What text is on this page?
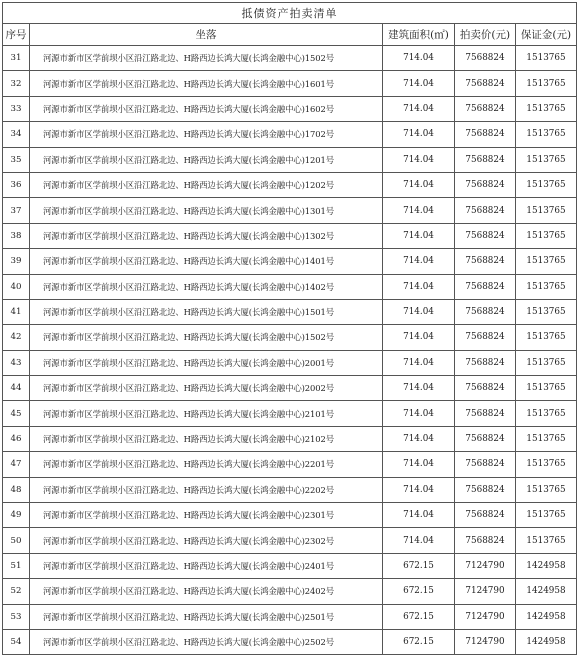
抵债资产拍卖清单				
序号	坐落	建筑面积(㎡)	拍卖价(元)	保证金(元)
31	河源市新市区学前坝小区沿江路北边、H路西边长鸿大厦(长鸿金融中心)1502号	714.04	7568824	1513765
32	河源市新市区学前坝小区沿江路北边、H路西边长鸿大厦(长鸿金融中心)1601号	714.04	7568824	1513765
33	河源市新市区学前坝小区沿江路北边、H路西边长鸿大厦(长鸿金融中心)1602号	714.04	7568824	1513765
34	河源市新市区学前坝小区沿江路北边、H路西边长鸿大厦(长鸿金融中心)1702号	714.04	7568824	1513765
35	河源市新市区学前坝小区沿江路北边、H路西边长鸿大厦(长鸿金融中心)1201号	714.04	7568824	1513765
36	河源市新市区学前坝小区沿江路北边、H路西边长鸿大厦(长鸿金融中心)1202号	714.04	7568824	1513765
37	河源市新市区学前坝小区沿江路北边、H路西边长鸿大厦(长鸿金融中心)1301号	714.04	7568824	1513765
38	河源市新市区学前坝小区沿江路北边、H路西边长鸿大厦(长鸿金融中心)1302号	714.04	7568824	1513765
39	河源市新市区学前坝小区沿江路北边、H路西边长鸿大厦(长鸿金融中心)1401号	714.04	7568824	1513765
40	河源市新市区学前坝小区沿江路北边、H路西边长鸿大厦(长鸿金融中心)1402号	714.04	7568824	1513765
41	河源市新市区学前坝小区沿江路北边、H路西边长鸿大厦(长鸿金融中心)1501号	714.04	7568824	1513765
42	河源市新市区学前坝小区沿江路北边、H路西边长鸿大厦(长鸿金融中心)1502号	714.04	7568824	1513765
43	河源市新市区学前坝小区沿江路北边、H路西边长鸿大厦(长鸿金融中心)2001号	714.04	7568824	1513765
44	河源市新市区学前坝小区沿江路北边、H路西边长鸿大厦(长鸿金融中心)2002号	714.04	7568824	1513765
45	河源市新市区学前坝小区沿江路北边、H路西边长鸿大厦(长鸿金融中心)2101号	714.04	7568824	1513765
46	河源市新市区学前坝小区沿江路北边、H路西边长鸿大厦(长鸿金融中心)2102号	714.04	7568824	1513765
47	河源市新市区学前坝小区沿江路北边、H路西边长鸿大厦(长鸿金融中心)2201号	714.04	7568824	1513765
48	河源市新市区学前坝小区沿江路北边、H路西边长鸿大厦(长鸿金融中心)2202号	714.04	7568824	1513765
49	河源市新市区学前坝小区沿江路北边、H路西边长鸿大厦(长鸿金融中心)2301号	714.04	7568824	1513765
50	河源市新市区学前坝小区沿江路北边、H路西边长鸿大厦(长鸿金融中心)2302号	714.04	7568824	1513765
51	河源市新市区学前坝小区沿江路北边、H路西边长鸿大厦(长鸿金融中心)2401号	672.15	7124790	1424958
52	河源市新市区学前坝小区沿江路北边、H路西边长鸿大厦(长鸿金融中心)2402号	672.15	7124790	1424958
53	河源市新市区学前坝小区沿江路北边、H路西边长鸿大厦(长鸿金融中心)2501号	672.15	7124790	1424958
54	河源市新市区学前坝小区沿江路北边、H路西边长鸿大厦(长鸿金融中心)2502号	672.15	7124790	1424958
